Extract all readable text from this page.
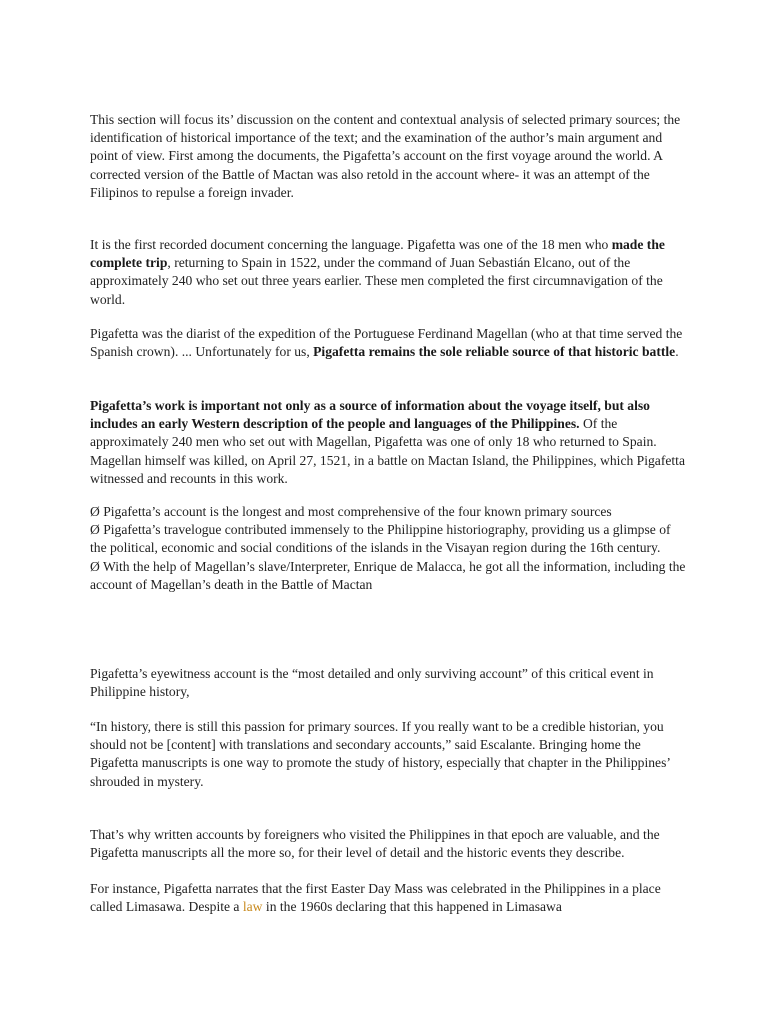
This section will focus its’ discussion on the content and contextual analysis of selected primary sources; the identification of historical importance of the text; and the examination of the author’s main argument and point of view. First among the documents, the Pigafetta’s account on the first voyage around the world. A corrected version of the Battle of Mactan was also retold in the account where- it was an attempt of the Filipinos to repulse a foreign invader.

It is the first recorded document concerning the language. Pigafetta was one of the 18 men who made the complete trip, returning to Spain in 1522, under the command of Juan Sebastián Elcano, out of the approximately 240 who set out three years earlier. These men completed the first circumnavigation of the world.

Pigafetta was the diarist of the expedition of the Portuguese Ferdinand Magellan (who at that time served the Spanish crown). ... Unfortunately for us, Pigafetta remains the sole reliable source of that historic battle.

Pigafetta’s work is important not only as a source of information about the voyage itself, but also includes an early Western description of the people and languages of the Philippines. Of the approximately 240 men who set out with Magellan, Pigafetta was one of only 18 who returned to Spain. Magellan himself was killed, on April 27, 1521, in a battle on Mactan Island, the Philippines, which Pigafetta witnessed and recounts in this work.

Ø Pigafetta’s account is the longest and most comprehensive of the four known primary sources
Ø Pigafetta’s travelogue contributed immensely to the Philippine historiography, providing us a glimpse of the political, economic and social conditions of the islands in the Visayan region during the 16th century.
Ø With the help of Magellan’s slave/Interpreter, Enrique de Malacca, he got all the information, including the account of Magellan’s death in the Battle of Mactan

Pigafetta’s eyewitness account is the “most detailed and only surviving account” of this critical event in Philippine history,

“In history, there is still this passion for primary sources. If you really want to be a credible historian, you should not be [content] with translations and secondary accounts,” said Escalante. Bringing home the Pigafetta manuscripts is one way to promote the study of history, especially that chapter in the Philippines’ shrouded in mystery.

That’s why written accounts by foreigners who visited the Philippines in that epoch are valuable, and the Pigafetta manuscripts all the more so, for their level of detail and the historic events they describe.

For instance, Pigafetta narrates that the first Easter Day Mass was celebrated in the Philippines in a place called Limasawa. Despite a law in the 1960s declaring that this happened in Limasawa
